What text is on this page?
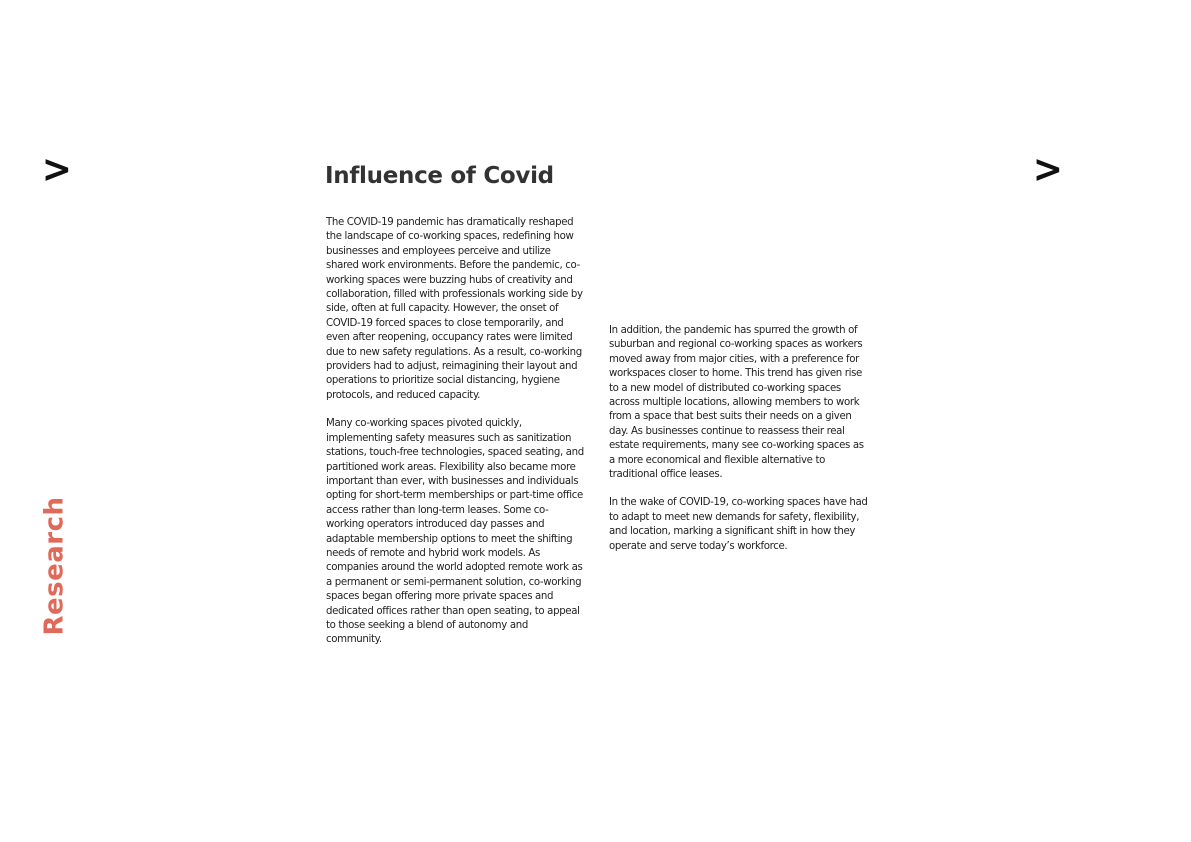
>	>
Research
Influence of Covid

The COVID-19 pandemic has dramatically reshaped the landscape of co-working spaces, redefining how businesses and employees perceive and utilize shared work environments. Before the pandemic, co-working spaces were buzzing hubs of creativity and collaboration, filled with professionals working side by side, often at full capacity. However, the onset of COVID-19 forced spaces to close temporarily, and even after reopening, occupancy rates were limited due to new safety regulations. As a result, co-working providers had to adjust, reimagining their layout and operations to prioritize social distancing, hygiene protocols, and reduced capacity.

Many co-working spaces pivoted quickly, implementing safety measures such as sanitization stations, touch-free technologies, spaced seating, and partitioned work areas. Flexibility also became more important than ever, with businesses and individuals opting for short-term memberships or part-time office access rather than long-term leases. Some co-working operators introduced day passes and adaptable membership options to meet the shifting needs of remote and hybrid work models. As companies around the world adopted remote work as a permanent or semi-permanent solution, co-working spaces began offering more private spaces and dedicated offices rather than open seating, to appeal to those seeking a blend of autonomy and community.

In addition, the pandemic has spurred the growth of suburban and regional co-working spaces as workers moved away from major cities, with a preference for workspaces closer to home. This trend has given rise to a new model of distributed co-working spaces across multiple locations, allowing members to work from a space that best suits their needs on a given day. As businesses continue to reassess their real estate requirements, many see co-working spaces as a more economical and flexible alternative to traditional office leases.

In the wake of COVID-19, co-working spaces have had to adapt to meet new demands for safety, flexibility, and location, marking a significant shift in how they operate and serve today’s workforce.
